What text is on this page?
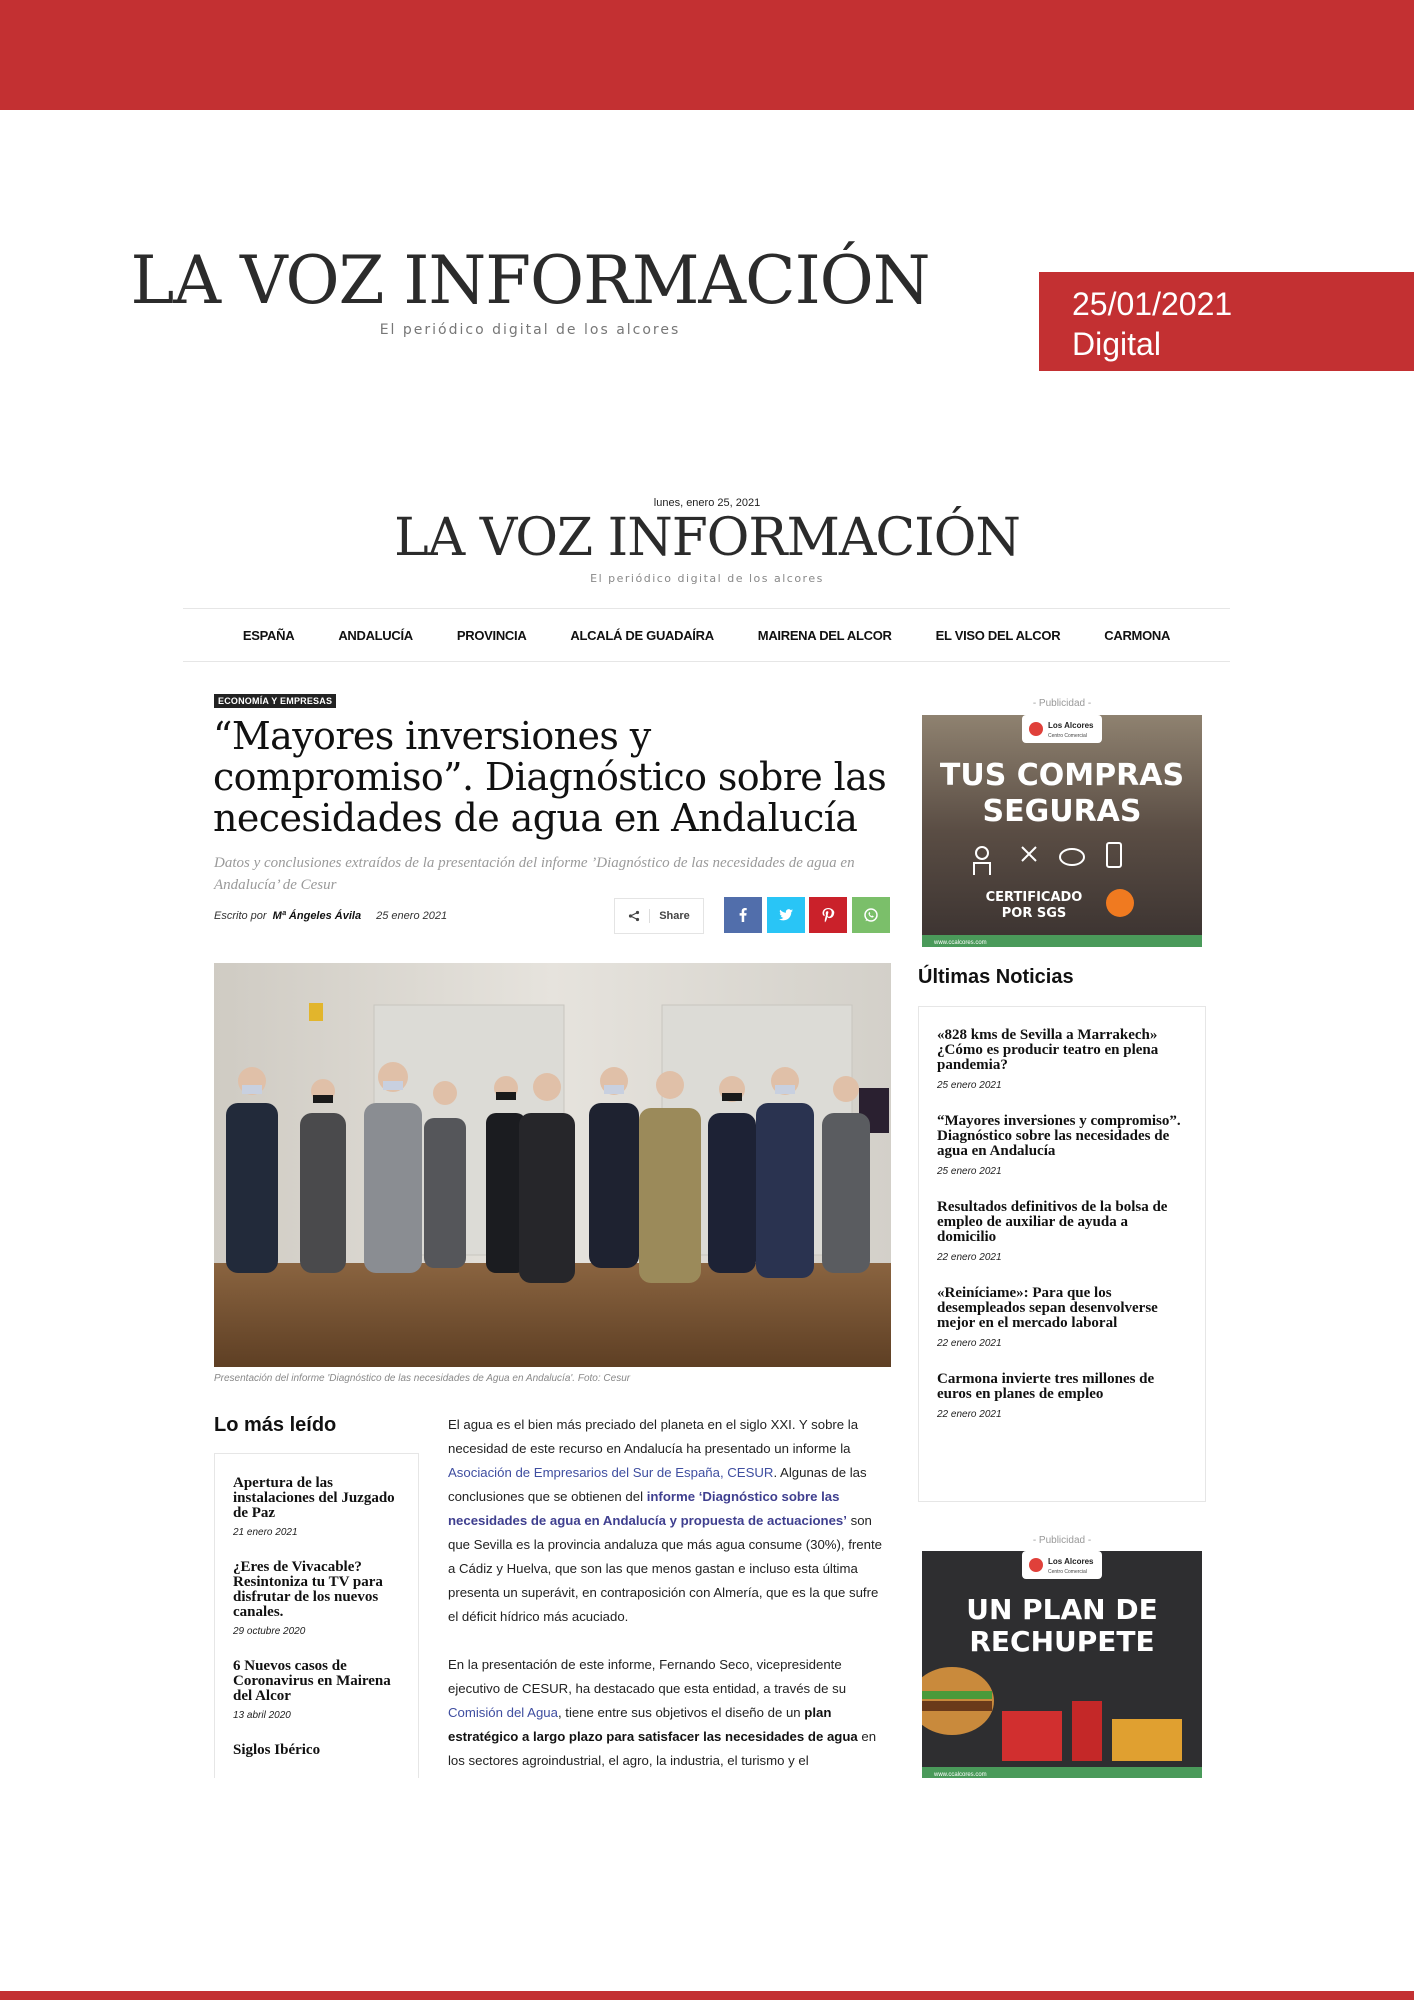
LA VOZ INFORMACIÓN
El periódico digital de los alcores
25/01/2021
Digital
lunes, enero 25, 2021
LA VOZ INFORMACIÓN
El periódico digital de los alcores
ESPAÑA	ANDALUCÍA	PROVINCIA	ALCALÁ DE GUADAÍRA	MAIRENA DEL ALCOR	EL VISO DEL ALCOR	CARMONA
ECONOMÍA Y EMPRESAS
“Mayores inversiones y compromiso”. Diagnóstico sobre las necesidades de agua en Andalucía
Datos y conclusiones extraídos de la presentación del informe ’Diagnóstico de las necesidades de agua en Andalucía’ de Cesur
Escrito por Mª Ángeles Ávila 25 enero 2021	Share
Presentación del informe 'Diagnóstico de las necesidades de Agua en Andalucía'. Foto: Cesur
Lo más leído
Apertura de las instalaciones del Juzgado de Paz
21 enero 2021
¿Eres de Vivacable? Resintoniza tu TV para disfrutar de los nuevos canales.
29 octubre 2020
6 Nuevos casos de Coronavirus en Mairena del Alcor
13 abril 2020
Siglos Ibérico

El agua es el bien más preciado del planeta en el siglo XXI. Y sobre la necesidad de este recurso en Andalucía ha presentado un informe la Asociación de Empresarios del Sur de España, CESUR. Algunas de las conclusiones que se obtienen del informe ‘Diagnóstico sobre las necesidades de agua en Andalucía y propuesta de actuaciones’ son que Sevilla es la provincia andaluza que más agua consume (30%), frente a Cádiz y Huelva, que son las que menos gastan e incluso esta última presenta un superávit, en contraposición con Almería, que es la que sufre el déficit hídrico más acuciado.

En la presentación de este informe, Fernando Seco, vicepresidente ejecutivo de CESUR, ha destacado que esta entidad, a través de su Comisión del Agua, tiene entre sus objetivos el diseño de un plan estratégico a largo plazo para satisfacer las necesidades de agua en los sectores agroindustrial, el agro, la industria, el turismo y el

- Publicidad -
Los Alcores
Centro Comercial
TUS COMPRAS
SEGURAS
CERTIFICADO
POR SGS
www.ccalcores.com
Últimas Noticias
«828 kms de Sevilla a Marrakech» ¿Cómo es producir teatro en plena pandemia?
25 enero 2021
“Mayores inversiones y compromiso”. Diagnóstico sobre las necesidades de agua en Andalucía
25 enero 2021
Resultados definitivos de la bolsa de empleo de auxiliar de ayuda a domicilio
22 enero 2021
«Reiníciame»: Para que los desempleados sepan desenvolverse mejor en el mercado laboral
22 enero 2021
Carmona invierte tres millones de euros en planes de empleo
22 enero 2021
- Publicidad -
Los Alcores
Centro Comercial
UN PLAN DE
RECHUPETE
www.ccalcores.com
